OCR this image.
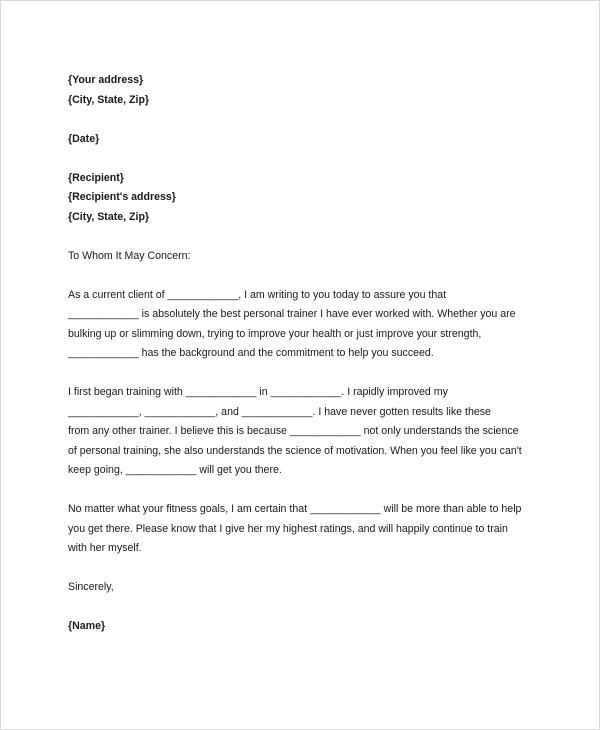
{Your address}
{City, State, Zip}
{Date}
{Recipient}
{Recipient's address}
{City, State, Zip}
To Whom It May Concern:
As a current client of ____________, I am writing to you today to assure you that
____________ is absolutely the best personal trainer I have ever worked with. Whether you are
bulking up or slimming down, trying to improve your health or just improve your strength,
____________ has the background and the commitment to help you succeed.
I first began training with ____________ in ____________. I rapidly improved my
____________, ____________, and ____________. I have never gotten results like these
from any other trainer. I believe this is because ____________ not only understands the science
of personal training, she also understands the science of motivation. When you feel like you can't
keep going, ____________ will get you there.
No matter what your fitness goals, I am certain that ____________ will be more than able to help
you get there. Please know that I give her my highest ratings, and will happily continue to train
with her myself.
Sincerely,
{Name}
